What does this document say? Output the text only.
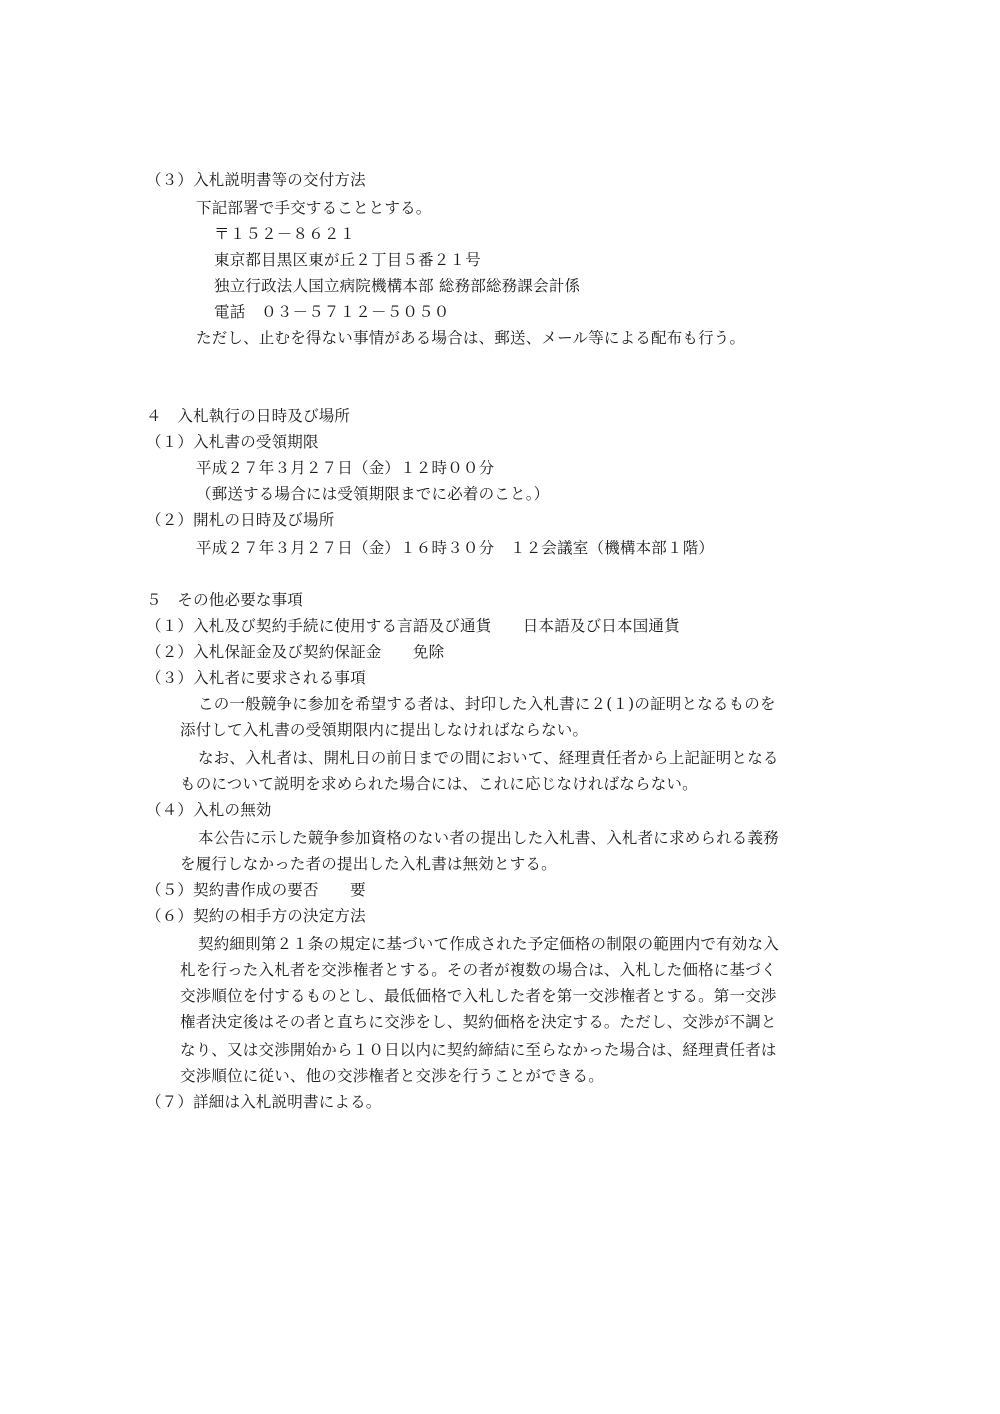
（３）入札説明書等の交付方法
下記部署で手交することとする。
〒１５２－８６２１
東京都目黒区東が丘２丁目５番２１号
独立行政法人国立病院機構本部 総務部総務課会計係
電話　０３－５７１２－５０５０
ただし、止むを得ない事情がある場合は、郵送、メール等による配布も行う。
４　入札執行の日時及び場所
（１）入札書の受領期限
平成２７年３月２７日（金）１２時００分
（郵送する場合には受領期限までに必着のこと。）
（２）開札の日時及び場所
平成２７年３月２７日（金）１６時３０分　１２会議室（機構本部１階）
５　その他必要な事項
（１）入札及び契約手続に使用する言語及び通貨　　日本語及び日本国通貨
（２）入札保証金及び契約保証金　　免除
（３）入札者に要求される事項
この一般競争に参加を希望する者は、封印した入札書に２(１)の証明となるものを
添付して入札書の受領期限内に提出しなければならない。
なお、入札者は、開札日の前日までの間において、経理責任者から上記証明となる
ものについて説明を求められた場合には、これに応じなければならない。
（４）入札の無効
本公告に示した競争参加資格のない者の提出した入札書、入札者に求められる義務
を履行しなかった者の提出した入札書は無効とする。
（５）契約書作成の要否　　要
（６）契約の相手方の決定方法
契約細則第２１条の規定に基づいて作成された予定価格の制限の範囲内で有効な入
札を行った入札者を交渉権者とする。その者が複数の場合は、入札した価格に基づく
交渉順位を付するものとし、最低価格で入札した者を第一交渉権者とする。第一交渉
権者決定後はその者と直ちに交渉をし、契約価格を決定する。ただし、交渉が不調と
なり、又は交渉開始から１０日以内に契約締結に至らなかった場合は、経理責任者は
交渉順位に従い、他の交渉権者と交渉を行うことができる。
（７）詳細は入札説明書による。
